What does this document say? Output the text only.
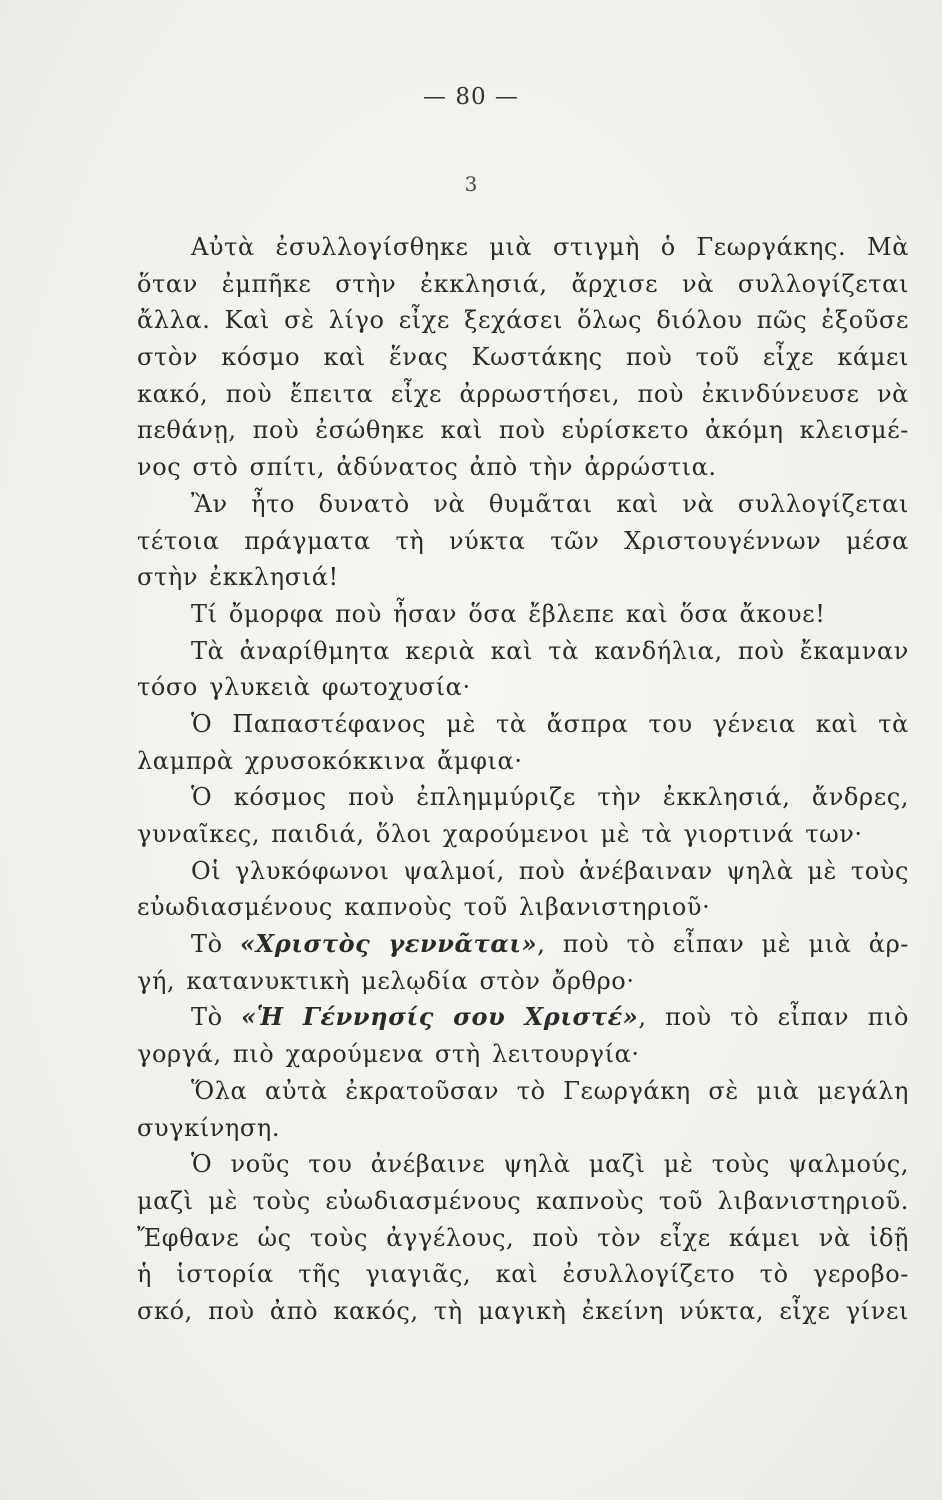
— 80 —
3
Αὐτὰ ἐσυλλογίσθηκε μιὰ στιγμὴ ὁ Γεωργάκης. Μὰ
ὅταν ἐμπῆκε στὴν ἐκκλησιά, ἄρχισε νὰ συλλογίζεται
ἄλλα. Καὶ σὲ λίγο εἶχε ξεχάσει ὅλως διόλου πῶς ἐξοῦσε
στὸν κόσμο καὶ ἕνας Κωστάκης ποὺ τοῦ εἶχε κάμει
κακό, ποὺ ἔπειτα εἶχε ἀρρωστήσει, ποὺ ἐκινδύνευσε νὰ
πεθάνῃ, ποὺ ἐσώθηκε καὶ ποὺ εὑρίσκετο ἀκόμη κλεισμέ-
νος στὸ σπίτι, ἀδύνατος ἀπὸ τὴν ἀρρώστια.
Ἂν ἦτο δυνατὸ νὰ θυμᾶται καὶ νὰ συλλογίζεται
τέτοια πράγματα τὴ νύκτα τῶν Χριστουγέννων μέσα
στὴν ἐκκλησιά!
Τί ὄμορφα ποὺ ἦσαν ὅσα ἔβλεπε καὶ ὅσα ἄκουε!
Τὰ ἀναρίθμητα κεριὰ καὶ τὰ κανδήλια, ποὺ ἔκαμναν
τόσο γλυκειὰ φωτοχυσία·
Ὁ Παπαστέφανος μὲ τὰ ἄσπρα του γένεια καὶ τὰ
λαμπρὰ χρυσοκόκκινα ἄμφια·
Ὁ κόσμος ποὺ ἐπλημμύριζε τὴν ἐκκλησιά, ἄνδρες,
γυναῖκες, παιδιά, ὅλοι χαρούμενοι μὲ τὰ γιορτινά των·
Οἱ γλυκόφωνοι ψαλμοί, ποὺ ἀνέβαιναν ψηλὰ μὲ τοὺς
εὐωδιασμένους καπνοὺς τοῦ λιβανιστηριοῦ·
Τὸ «Χριστὸς γεννᾶται», ποὺ τὸ εἶπαν μὲ μιὰ ἀρ-
γή, κατανυκτικὴ μελῳδία στὸν ὄρθρο·
Τὸ «Ἡ Γέννησίς σου Χριστέ», ποὺ τὸ εἶπαν πιὸ
γοργά, πιὸ χαρούμενα στὴ λειτουργία·
Ὅλα αὐτὰ ἐκρατοῦσαν τὸ Γεωργάκη σὲ μιὰ μεγάλη
συγκίνηση.
Ὁ νοῦς του ἀνέβαινε ψηλὰ μαζὶ μὲ τοὺς ψαλμούς,
μαζὶ μὲ τοὺς εὐωδιασμένους καπνοὺς τοῦ λιβανιστηριοῦ.
Ἔφθανε ὡς τοὺς ἀγγέλους, ποὺ τὸν εἶχε κάμει νὰ ἰδῇ
ἡ ἱστορία τῆς γιαγιᾶς, καὶ ἐσυλλογίζετο τὸ γεροβο-
σκό, ποὺ ἀπὸ κακός, τὴ μαγικὴ ἐκείνη νύκτα, εἶχε γίνει
